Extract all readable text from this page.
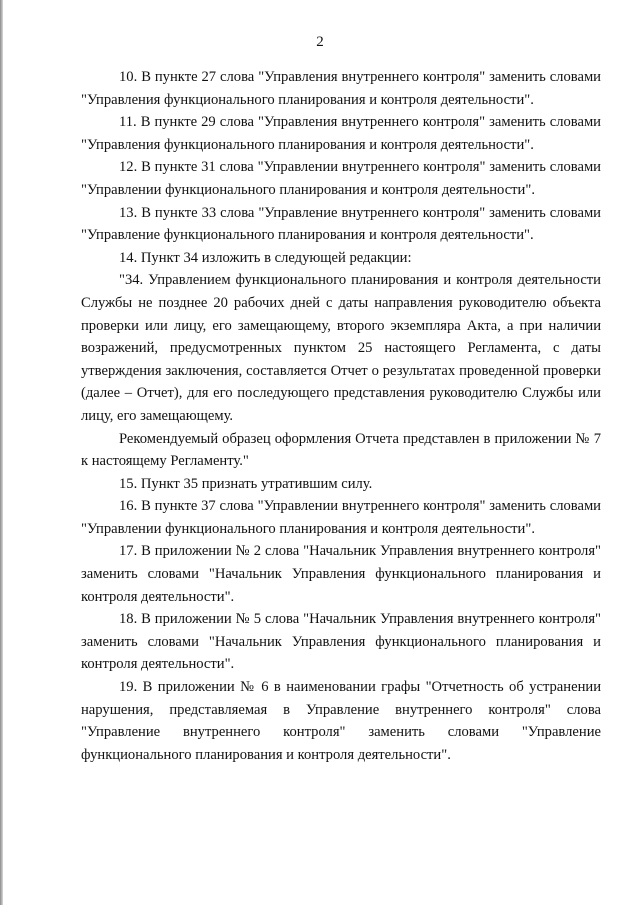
2

10. В пункте 27 слова "Управления внутреннего контроля" заменить словами "Управления функционального планирования и контроля деятельности".

11. В пункте 29 слова "Управления внутреннего контроля" заменить словами "Управления функционального планирования и контроля деятельности".

12. В пункте 31 слова "Управлении внутреннего контроля" заменить словами "Управлении функционального планирования и контроля деятельности".

13. В пункте 33 слова "Управление внутреннего контроля" заменить словами "Управление функционального планирования и контроля деятельности".

14. Пункт 34 изложить в следующей редакции:

"34. Управлением функционального планирования и контроля деятельности Службы не позднее 20 рабочих дней с даты направления руководителю объекта проверки или лицу, его замещающему, второго экземпляра Акта, а при наличии возражений, предусмотренных пунктом 25 настоящего Регламента, с даты утверждения заключения, составляется Отчет о результатах проведенной проверки (далее – Отчет), для его последующего представления руководителю Службы или лицу, его замещающему.

Рекомендуемый образец оформления Отчета представлен в приложении № 7 к настоящему Регламенту."

15. Пункт 35 признать утратившим силу.

16. В пункте 37 слова "Управлении внутреннего контроля" заменить словами "Управлении функционального планирования и контроля деятельности".

17. В приложении № 2 слова "Начальник Управления внутреннего контроля" заменить словами "Начальник Управления функционального планирования и контроля деятельности".

18. В приложении № 5 слова "Начальник Управления внутреннего контроля" заменить словами "Начальник Управления функционального планирования и контроля деятельности".

19. В приложении № 6 в наименовании графы "Отчетность об устранении нарушения, представляемая в Управление внутреннего контроля" слова "Управление внутреннего контроля" заменить словами "Управление функционального планирования и контроля деятельности".
